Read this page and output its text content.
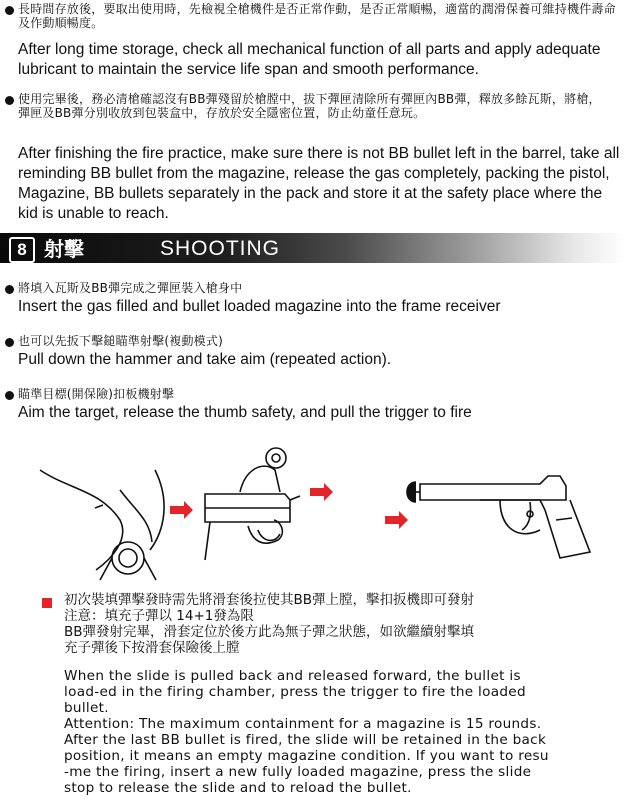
長時間存放後，要取出使用時，先檢視全槍機件是否正常作動，是否正常順暢，適當的潤滑保養可維持機件壽命及作動順暢度。
After long time storage, check all mechanical function of all parts and apply adequate lubricant to maintain the service life span and smooth performance.
使用完畢後，務必清槍確認沒有BB彈殘留於槍膛中，拔下彈匣清除所有彈匣內BB彈，釋放多餘瓦斯，將槍，彈匣及BB彈分別收放到包裝盒中，存放於安全隱密位置，防止幼童任意玩。
After finishing the fire practice, make sure there is not BB bullet left in the barrel, take all reminding BB bullet from the magazine, release the gas completely, packing the pistol, Magazine, BB bullets separately in the pack and store it at the safety place where the kid is unable to reach.
8 射擊	SHOOTING
將填入瓦斯及BB彈完成之彈匣裝入槍身中
Insert the gas filled and bullet loaded magazine into the frame receiver
也可以先扳下擊鎚瞄準射擊(複動模式)
Pull down the hammer and take aim (repeated action).
瞄準目標(開保險)扣板機射擊
Aim the target, release the thumb safety, and pull the trigger to fire
初次裝填彈擊發時需先將滑套後拉使其BB彈上膛，擊扣扳機即可發射
注意：填充子彈以 14+1發為限
BB彈發射完畢，滑套定位於後方此為無子彈之狀態，如欲繼續射擊填
充子彈後下按滑套保險後上膛
When the slide is pulled back and released forward, the bullet is
load-ed in the firing chamber, press the trigger to fire the loaded
bullet.
Attention: The maximum containment for a magazine is 15 rounds.
After the last BB bullet is fired, the slide will be retained in the back
position, it means an empty magazine condition. If you want to resu
-me the firing, insert a new fully loaded magazine, press the slide
stop to release the slide and to reload the bullet.
